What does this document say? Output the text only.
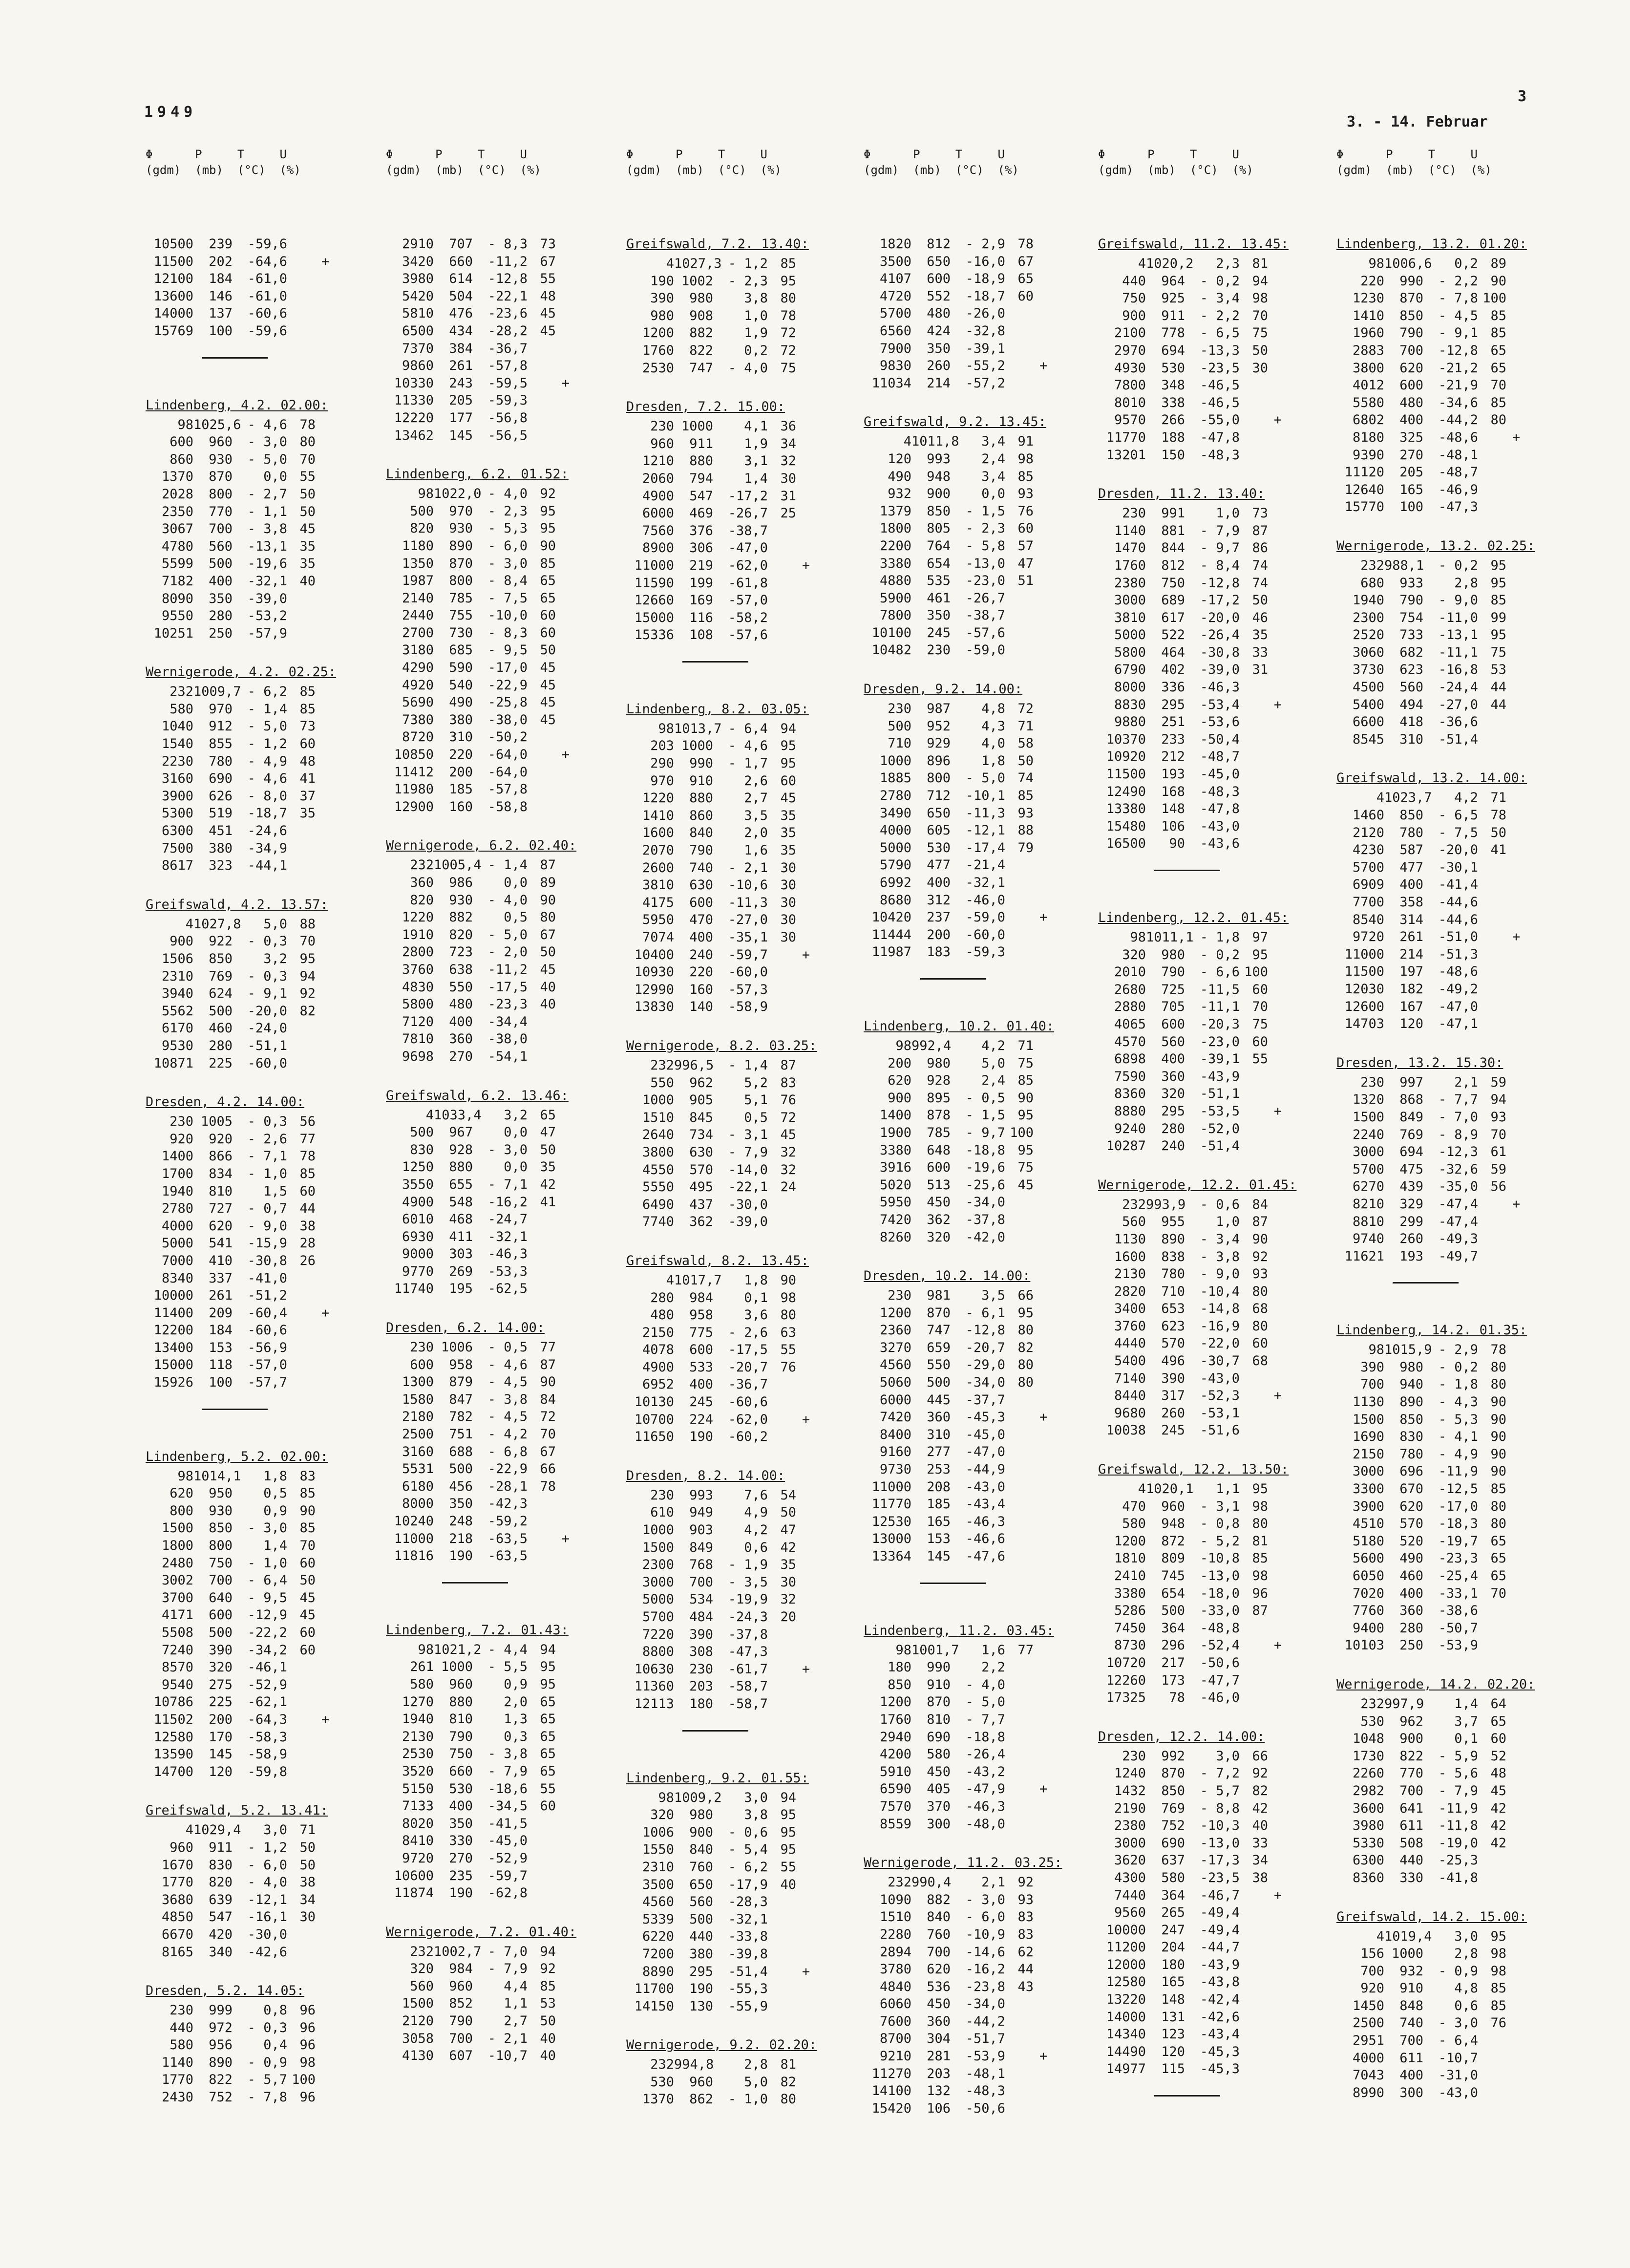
1949
3. - 14. Februar
3
Φ      P     T     U
(gdm)  (mb)  (°C)  (%)
10500	239	-59,6
11500	202	-64,6	+
12100	184	-61,0
13600	146	-61,0
14000	137	-60,6
15769	100	-59,6
Lindenberg, 4.2. 02.00:
98 1025,6 - 4,6 78
600	960	- 3,0 80
860	930	- 5,0 70
1370	870	0,0 55
2028	800	- 2,7 50
2350	770	- 1,1 50
3067	700	- 3,8 45
4780	560	-13,1 35
5599	500	-19,6 35
7182	400	-32,1 40
8090	350	-39,0
9550	280	-53,2
10251	250	-57,9
Wernigerode, 4.2. 02.25:
232 1009,7 - 6,2 85
580	970	- 1,4 85
1040	912	- 5,0 73
1540	855	- 1,2 60
2230	780	- 4,9 48
3160	690	- 4,6 41
3900	626	- 8,0 37
5300	519	-18,7 35
6300	451	-24,6
7500	380	-34,9
8617	323	-44,1
Greifswald, 4.2. 13.57:
4 1027,8	5,0 88
900	922	- 0,3 70
1506	850	3,2 95
2310	769	- 0,3 94
3940	624	- 9,1 92
5562	500	-20,0 82
6170	460	-24,0
9530	280	-51,1
10871	225	-60,0
Dresden, 4.2. 14.00:
230 1005	- 0,3 56
920	920	- 2,6 77
1400	866	- 7,1 78
1700	834	- 1,0 85
1940	810	1,5 60
2780	727	- 0,7 44
4000	620	- 9,0 38
5000	541	-15,9 28
7000	410	-30,8 26
8340	337	-41,0
10000	261	-51,2
11400	209	-60,4	+
12200	184	-60,6
13400	153	-56,9
15000	118	-57,0
15926	100	-57,7
Lindenberg, 5.2. 02.00:
98 1014,1	1,8 83
620	950	0,5 85
800	930	0,9 90
1500	850	- 3,0 85
1800	800	1,4 70
2480	750	- 1,0 60
3002	700	- 6,4 50
3700	640	- 9,5 45
4171	600	-12,9 45
5508	500	-22,2 60
7240	390	-34,2 60
8570	320	-46,1
9540	275	-52,9
10786	225	-62,1
11502	200	-64,3	+
12580	170	-58,3
13590	145	-58,9
14700	120	-59,8
Greifswald, 5.2. 13.41:
4 1029,4	3,0 71
960	911	- 1,2 50
1670	830	- 6,0 50
1770	820	- 4,0 38
3680	639	-12,1 34
4850	547	-16,1 30
6670	420	-30,0
8165	340	-42,6
Dresden, 5.2. 14.05:
230	999	0,8 96
440	972	- 0,3 96
580	956	0,4 96
1140	890	- 0,9 98
1770	822	- 5,7 100
2430	752	- 7,8 96
Φ      P     T     U
(gdm)  (mb)  (°C)  (%)
2910	707	- 8,3 73
3420	660	-11,2 67
3980	614	-12,8 55
5420	504	-22,1 48
5810	476	-23,6 45
6500	434	-28,2 45
7370	384	-36,7
9860	261	-57,8
10330	243	-59,5	+
11330	205	-59,3
12220	177	-56,8
13462	145	-56,5
Lindenberg, 6.2. 01.52:
98 1022,0 - 4,0 92
500	970	- 2,3 95
820	930	- 5,3 95
1180	890	- 6,0 90
1350	870	- 3,0 85
1987	800	- 8,4 65
2140	785	- 7,5 65
2440	755	-10,0 60
2700	730	- 8,3 60
3180	685	- 9,5 50
4290	590	-17,0 45
4920	540	-22,9 45
5690	490	-25,8 45
7380	380	-38,0 45
8720	310	-50,2
10850	220	-64,0	+
11412	200	-64,0
11980	185	-57,8
12900	160	-58,8
Wernigerode, 6.2. 02.40:
232 1005,4 - 1,4 87
360	986	0,0 89
820	930	- 4,0 90
1220	882	0,5 80
1910	820	- 5,0 67
2800	723	- 2,0 50
3760	638	-11,2 45
4830	550	-17,5 40
5800	480	-23,3 40
7120	400	-34,4
7810	360	-38,0
9698	270	-54,1
Greifswald, 6.2. 13.46:
4 1033,4	3,2 65
500	967	0,0 47
830	928	- 3,0 50
1250	880	0,0 35
3550	655	- 7,1 42
4900	548	-16,2 41
6010	468	-24,7
6930	411	-32,1
9000	303	-46,3
9770	269	-53,3
11740	195	-62,5
Dresden, 6.2. 14.00:
230 1006	- 0,5 77
600	958	- 4,6 87
1300	879	- 4,5 90
1580	847	- 3,8 84
2180	782	- 4,5 72
2500	751	- 4,2 70
3160	688	- 6,8 67
5531	500	-22,9 66
6180	456	-28,1 78
8000	350	-42,3
10240	248	-59,2
11000	218	-63,5	+
11816	190	-63,5
Lindenberg, 7.2. 01.43:
98 1021,2 - 4,4 94
261 1000	- 5,5 95
580	960	0,9 95
1270	880	2,0 65
1940	810	1,3 65
2130	790	0,3 65
2530	750	- 3,8 65
3520	660	- 7,9 65
5150	530	-18,6 55
7133	400	-34,5 60
8020	350	-41,5
8410	330	-45,0
9720	270	-52,9
10600	235	-59,7
11874	190	-62,8
Wernigerode, 7.2. 01.40:
232 1002,7 - 7,0 94
320	984	- 7,9 92
560	960	4,4 85
1500	852	1,1 53
2120	790	2,7 50
3058	700	- 2,1 40
4130	607	-10,7 40
Φ      P     T     U
(gdm)  (mb)  (°C)  (%)
Greifswald, 7.2. 13.40:
4 1027,3 - 1,2 85
190 1002	- 2,3 95
390	980	3,8 80
980	908	1,0 78
1200	882	1,9 72
1760	822	0,2 72
2530	747	- 4,0 75
Dresden, 7.2. 15.00:
230 1000	4,1 36
960	911	1,9 34
1210	880	3,1 32
2060	794	1,4 30
4900	547	-17,2 31
6000	469	-26,7 25
7560	376	-38,7
8900	306	-47,0
11000	219	-62,0	+
11590	199	-61,8
12660	169	-57,0
15000	116	-58,2
15336	108	-57,6
Lindenberg, 8.2. 03.05:
98 1013,7 - 6,4 94
203 1000	- 4,6 95
290	990	- 1,7 95
970	910	2,6 60
1220	880	2,7 45
1410	860	3,5 35
1600	840	2,0 35
2070	790	1,6 35
2600	740	- 2,1 30
3810	630	-10,6 30
4175	600	-11,3 30
5950	470	-27,0 30
7074	400	-35,1 30
10400	240	-59,7	+
10930	220	-60,0
12990	160	-57,3
13830	140	-58,9
Wernigerode, 8.2. 03.25:
232 996,5	- 1,4 87
550	962	5,2 83
1000	905	5,1 76
1510	845	0,5 72
2640	734	- 3,1 45
3800	630	- 7,9 32
4550	570	-14,0 32
5550	495	-22,1 24
6490	437	-30,0
7740	362	-39,0
Greifswald, 8.2. 13.45:
4 1017,7	1,8 90
280	984	0,1 98
480	958	3,6 80
2150	775	- 2,6 63
4078	600	-17,5 55
4900	533	-20,7 76
6952	400	-36,7
10130	245	-60,6
10700	224	-62,0	+
11650	190	-60,2
Dresden, 8.2. 14.00:
230	993	7,6 54
610	949	4,9 50
1000	903	4,2 47
1500	849	0,6 42
2300	768	- 1,9 35
3000	700	- 3,5 30
5000	534	-19,9 32
5700	484	-24,3 20
7220	390	-37,8
8800	308	-47,3
10630	230	-61,7	+
11360	203	-58,7
12113	180	-58,7
Lindenberg, 9.2. 01.55:
98 1009,2	3,0 94
320	980	3,8 95
1006	900	- 0,6 95
1550	840	- 5,4 95
2310	760	- 6,2 55
3500	650	-17,9 40
4560	560	-28,3
5339	500	-32,1
6220	440	-33,8
7200	380	-39,8
8890	295	-51,4	+
11700	190	-55,3
14150	130	-55,9
Wernigerode, 9.2. 02.20:
232 994,8	2,8 81
530	960	5,0 82
1370	862	- 1,0 80
Φ      P     T     U
(gdm)  (mb)  (°C)  (%)
1820	812	- 2,9 78
3500	650	-16,0 67
4107	600	-18,9 65
4720	552	-18,7 60
5700	480	-26,0
6560	424	-32,8
7900	350	-39,1
9830	260	-55,2	+
11034	214	-57,2
Greifswald, 9.2. 13.45:
4 1011,8	3,4 91
120	993	2,4 98
490	948	3,4 85
932	900	0,0 93
1379	850	- 1,5 76
1800	805	- 2,3 60
2200	764	- 5,8 57
3380	654	-13,0 47
4880	535	-23,0 51
5900	461	-26,7
7800	350	-38,7
10100	245	-57,6
10482	230	-59,0
Dresden, 9.2. 14.00:
230	987	4,8 72
500	952	4,3 71
710	929	4,0 58
1000	896	1,8 50
1885	800	- 5,0 74
2780	712	-10,1 85
3490	650	-11,3 93
4000	605	-12,1 88
5000	530	-17,4 79
5790	477	-21,4
6992	400	-32,1
8680	312	-46,0
10420	237	-59,0	+
11444	200	-60,0
11987	183	-59,3
Lindenberg, 10.2. 01.40:
98 992,4	4,2 71
200	980	5,0 75
620	928	2,4 85
900	895	- 0,5 90
1400	878	- 1,5 95
1900	785	- 9,7 100
3380	648	-18,8 95
3916	600	-19,6 75
5020	513	-25,6 45
5950	450	-34,0
7420	362	-37,8
8260	320	-42,0
Dresden, 10.2. 14.00:
230	981	3,5 66
1200	870	- 6,1 95
2360	747	-12,8 80
3270	659	-20,7 82
4560	550	-29,0 80
5060	500	-34,0 80
6000	445	-37,7
7420	360	-45,3	+
8400	310	-45,0
9160	277	-47,0
9730	253	-44,9
11000	208	-43,0
11770	185	-43,4
12530	165	-46,3
13000	153	-46,6
13364	145	-47,6
Lindenberg, 11.2. 03.45:
98 1001,7	1,6 77
180	990	2,2
850	910	- 4,0
1200	870	- 5,0
1760	810	- 7,7
2940	690	-18,8
4200	580	-26,4
5910	450	-43,2
6590	405	-47,9	+
7570	370	-46,3
8559	300	-48,0
Wernigerode, 11.2. 03.25:
232 990,4	2,1 92
1090	882	- 3,0 93
1510	840	- 6,0 83
2280	760	-10,9 83
2894	700	-14,6 62
3780	620	-16,2 44
4840	536	-23,8 43
6060	450	-34,0
7600	360	-44,2
8700	304	-51,7
9210	281	-53,9	+
11270	203	-48,1
14100	132	-48,3
15420	106	-50,6
Φ      P     T     U
(gdm)  (mb)  (°C)  (%)
Greifswald, 11.2. 13.45:
4 1020,2	2,3 81
440	964	- 0,2 94
750	925	- 3,4 98
900	911	- 2,2 70
2100	778	- 6,5 75
2970	694	-13,3 50
4930	530	-23,5 30
7800	348	-46,5
8010	338	-46,5
9570	266	-55,0	+
11770	188	-47,8
13201	150	-48,3
Dresden, 11.2. 13.40:
230	991	1,0 73
1140	881	- 7,9 87
1470	844	- 9,7 86
1760	812	- 8,4 74
2380	750	-12,8 74
3000	689	-17,2 50
3810	617	-20,0 46
5000	522	-26,4 35
5800	464	-30,8 33
6790	402	-39,0 31
8000	336	-46,3
8830	295	-53,4	+
9880	251	-53,6
10370	233	-50,4
10920	212	-48,7
11500	193	-45,0
12490	168	-48,3
13380	148	-47,8
15480	106	-43,0
16500	90	-43,6
Lindenberg, 12.2. 01.45:
98 1011,1 - 1,8 97
320	980	- 0,2 95
2010	790	- 6,6 100
2680	725	-11,5 60
2880	705	-11,1 70
4065	600	-20,3 75
4570	560	-23,0 60
6898	400	-39,1 55
7590	360	-43,9
8360	320	-51,1
8880	295	-53,5	+
9240	280	-52,0
10287	240	-51,4
Wernigerode, 12.2. 01.45:
232 993,9	- 0,6 84
560	955	1,0 87
1130	890	- 3,4 90
1600	838	- 3,8 92
2130	780	- 9,0 93
2820	710	-10,4 80
3400	653	-14,8 68
3760	623	-16,9 80
4440	570	-22,0 60
5400	496	-30,7 68
7140	390	-43,0
8440	317	-52,3	+
9680	260	-53,1
10038	245	-51,6
Greifswald, 12.2. 13.50:
4 1020,1	1,1 95
470	960	- 3,1 98
580	948	- 0,8 80
1200	872	- 5,2 81
1810	809	-10,8 85
2410	745	-13,0 98
3380	654	-18,0 96
5286	500	-33,0 87
7450	364	-48,8
8730	296	-52,4	+
10720	217	-50,6
12260	173	-47,7
17325	78	-46,0
Dresden, 12.2. 14.00:
230	992	3,0 66
1240	870	- 7,2 92
1432	850	- 5,7 82
2190	769	- 8,8 42
2380	752	-10,3 40
3000	690	-13,0 33
3620	637	-17,3 34
4300	580	-23,5 38
7440	364	-46,7	+
9560	265	-49,4
10000	247	-49,4
11200	204	-44,7
12000	180	-43,9
12580	165	-43,8
13220	148	-42,4
14000	131	-42,6
14340	123	-43,4
14490	120	-45,3
14977	115	-45,3
Φ      P     T     U
(gdm)  (mb)  (°C)  (%)
Lindenberg, 13.2. 01.20:
98 1006,6	0,2 89
220	990	- 2,2 90
1230	870	- 7,8 100
1410	850	- 4,5 85
1960	790	- 9,1 85
2883	700	-12,8 65
3800	620	-21,2 65
4012	600	-21,9 70
5580	480	-34,6 85
6802	400	-44,2 80
8180	325	-48,6	+
9390	270	-48,1
11120	205	-48,7
12640	165	-46,9
15770	100	-47,3
Wernigerode, 13.2. 02.25:
232 988,1	- 0,2 95
680	933	2,8 95
1940	790	- 9,0 85
2300	754	-11,0 99
2520	733	-13,1 95
3060	682	-11,1 75
3730	623	-16,8 53
4500	560	-24,4 44
5400	494	-27,0 44
6600	418	-36,6
8545	310	-51,4
Greifswald, 13.2. 14.00:
4 1023,7	4,2 71
1460	850	- 6,5 78
2120	780	- 7,5 50
4230	587	-20,0 41
5700	477	-30,1
6909	400	-41,4
7700	358	-44,6
8540	314	-44,6
9720	261	-51,0	+
11000	214	-51,3
11500	197	-48,6
12030	182	-49,2
12600	167	-47,0
14703	120	-47,1
Dresden, 13.2. 15.30:
230	997	2,1 59
1320	868	- 7,7 94
1500	849	- 7,0 93
2240	769	- 8,9 70
3000	694	-12,3 61
5700	475	-32,6 59
6270	439	-35,0 56
8210	329	-47,4	+
8810	299	-47,4
9740	260	-49,3
11621	193	-49,7
Lindenberg, 14.2. 01.35:
98 1015,9 - 2,9 78
390	980	- 0,2 80
700	940	- 1,8 80
1130	890	- 4,3 90
1500	850	- 5,3 90
1690	830	- 4,1 90
2150	780	- 4,9 90
3000	696	-11,9 90
3300	670	-12,5 85
3900	620	-17,0 80
4510	570	-18,3 80
5180	520	-19,7 65
5600	490	-23,3 65
6050	460	-25,4 65
7020	400	-33,1 70
7760	360	-38,6
9400	280	-50,7
10103	250	-53,9
Wernigerode, 14.2. 02.20:
232 997,9	1,4 64
530	962	3,7 65
1048	900	0,1 60
1730	822	- 5,9 52
2260	770	- 5,6 48
2982	700	- 7,9 45
3600	641	-11,9 42
3980	611	-11,8 42
5330	508	-19,0 42
6300	440	-25,3
8360	330	-41,8
Greifswald, 14.2. 15.00:
4 1019,4	3,0 95
156 1000	2,8 98
700	932	- 0,9 98
920	910	4,8 85
1450	848	0,6 85
2500	740	- 3,0 76
2951	700	- 6,4
4000	611	-10,7
7043	400	-31,0
8990	300	-43,0
